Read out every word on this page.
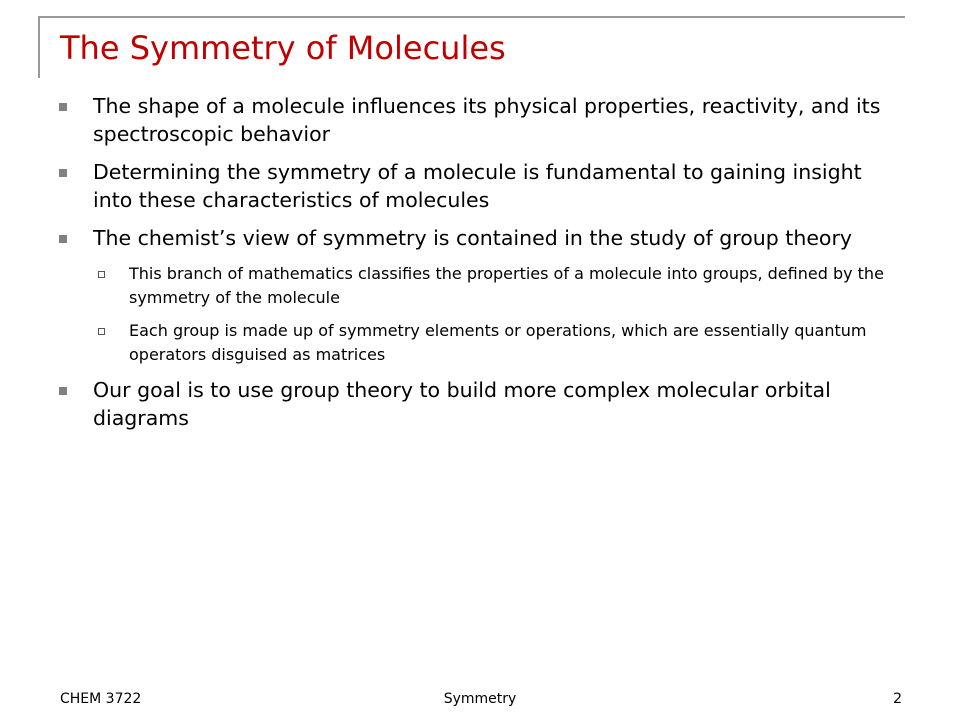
The Symmetry of Molecules
The shape of a molecule influences its physical properties, reactivity, and its spectroscopic behavior
Determining the symmetry of a molecule is fundamental to gaining insight into these characteristics of molecules
The chemist’s view of symmetry is contained in the study of group theory
This branch of mathematics classifies the properties of a molecule into groups, defined by the symmetry of the molecule
Each group is made up of symmetry elements or operations, which are essentially quantum operators disguised as matrices
Our goal is to use group theory to build more complex molecular orbital diagrams
CHEM 3722	Symmetry	2
